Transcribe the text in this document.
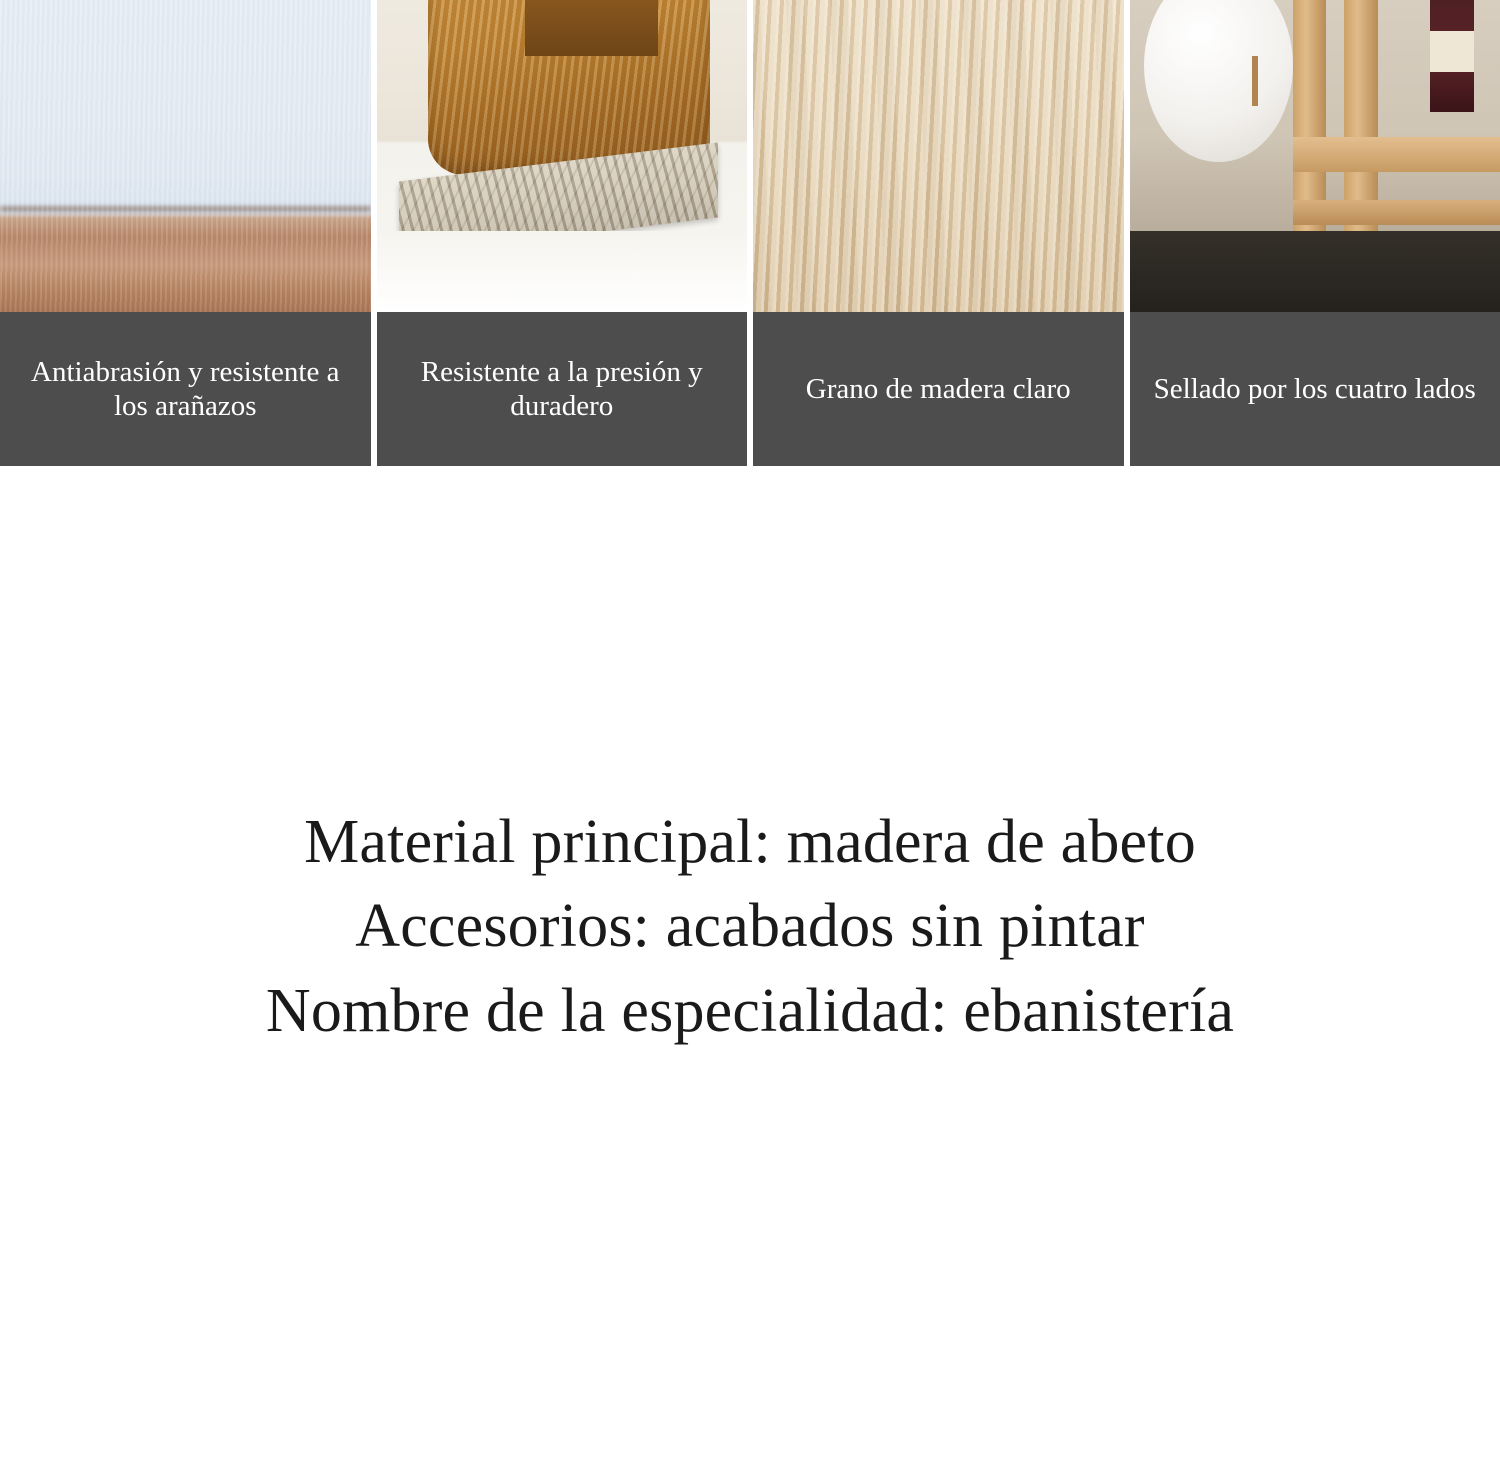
Antiabrasión y resistente a los arañazos
Resistente a la presión y duradero
Grano de madera claro	Sellado por los cuatro lados
Material principal: madera de abeto
Accesorios: acabados sin pintar
Nombre de la especialidad: ebanistería
